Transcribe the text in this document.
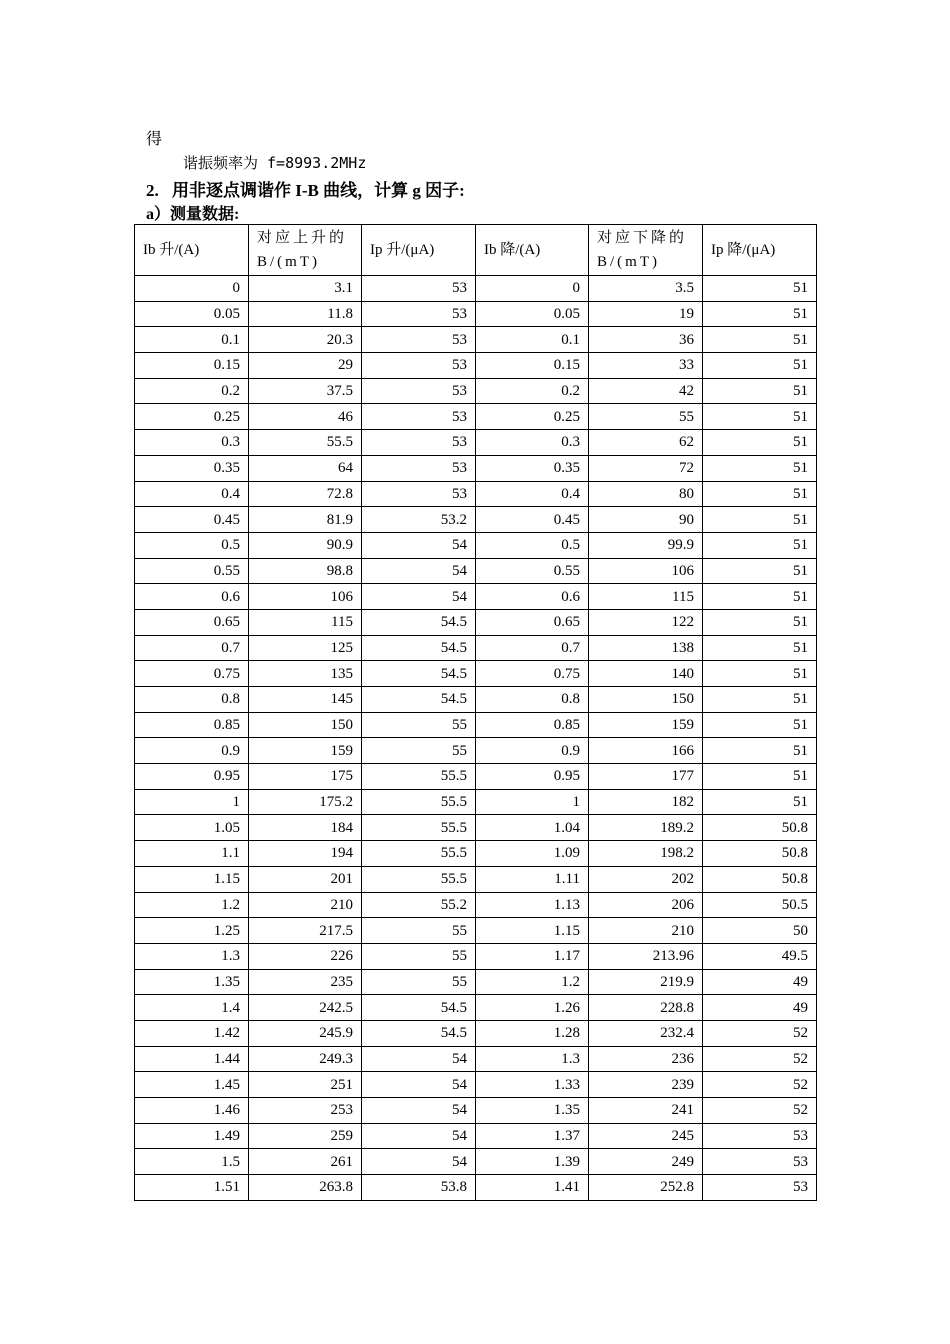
得
谐振频率为 f=8993.2MHz
2. 用非逐点调谐作 I-B 曲线，计算 g 因子:
a）测量数据:
Ib 升/(A)	对应上升的 B/(mT)	Ip 升/(μA)	Ib 降/(A)	对应下降的 B/(mT)	Ip 降/(μA)
0	3.1	53	0	3.5	51
0.05	11.8	53	0.05	19	51
0.1	20.3	53	0.1	36	51
0.15	29	53	0.15	33	51
0.2	37.5	53	0.2	42	51
0.25	46	53	0.25	55	51
0.3	55.5	53	0.3	62	51
0.35	64	53	0.35	72	51
0.4	72.8	53	0.4	80	51
0.45	81.9	53.2	0.45	90	51
0.5	90.9	54	0.5	99.9	51
0.55	98.8	54	0.55	106	51
0.6	106	54	0.6	115	51
0.65	115	54.5	0.65	122	51
0.7	125	54.5	0.7	138	51
0.75	135	54.5	0.75	140	51
0.8	145	54.5	0.8	150	51
0.85	150	55	0.85	159	51
0.9	159	55	0.9	166	51
0.95	175	55.5	0.95	177	51
1	175.2	55.5	1	182	51
1.05	184	55.5	1.04	189.2	50.8
1.1	194	55.5	1.09	198.2	50.8
1.15	201	55.5	1.11	202	50.8
1.2	210	55.2	1.13	206	50.5
1.25	217.5	55	1.15	210	50
1.3	226	55	1.17	213.96	49.5
1.35	235	55	1.2	219.9	49
1.4	242.5	54.5	1.26	228.8	49
1.42	245.9	54.5	1.28	232.4	52
1.44	249.3	54	1.3	236	52
1.45	251	54	1.33	239	52
1.46	253	54	1.35	241	52
1.49	259	54	1.37	245	53
1.5	261	54	1.39	249	53
1.51	263.8	53.8	1.41	252.8	53
